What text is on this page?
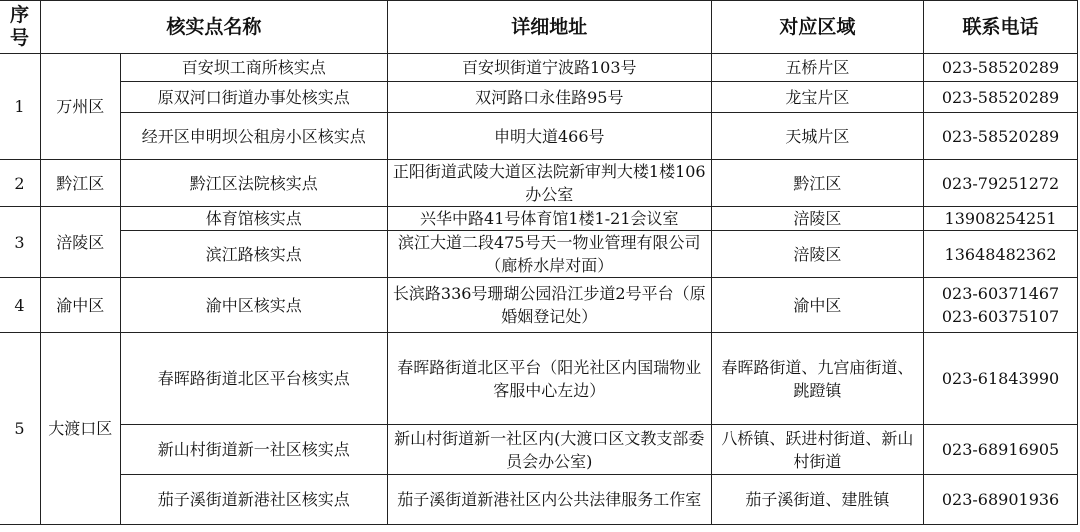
序号	核实点名称		详细地址	对应区域	联系电话
1	万州区	百安坝工商所核实点	百安坝街道宁波路103号	五桥片区	023-58520289

		原双河口街道办事处核实点	双河路口永佳路95号	龙宝片区	023-58520289

		经开区申明坝公租房小区核实点	申明大道466号	天城片区	023-58520289

2	黔江区	黔江区法院核实点	正阳街道武陵大道区法院新审判大楼1楼106办公室	黔江区	023-79251272

3	涪陵区	体育馆核实点	兴华中路41号体育馆1楼1-21会议室	涪陵区	13908254251

		滨江路核实点	滨江大道二段475号天一物业管理有限公司（廊桥水岸对面）	涪陵区	13648482362

4	渝中区	渝中区核实点	长滨路336号珊瑚公园沿江步道2号平台（原婚姻登记处）	渝中区	023-60371467
023-60375107

5	大渡口区	春晖路街道北区平台核实点	春晖路街道北区平台（阳光社区内国瑞物业客服中心左边）	春晖路街道、九宫庙街道、跳蹬镇	023-61843990

		新山村街道新一社区核实点	新山村街道新一社区内(大渡口区文教支部委员会办公室)	八桥镇、跃进村街道、新山村街道	023-68916905

		茄子溪街道新港社区核实点	茄子溪街道新港社区内公共法律服务工作室	茄子溪街道、建胜镇	023-68901936
